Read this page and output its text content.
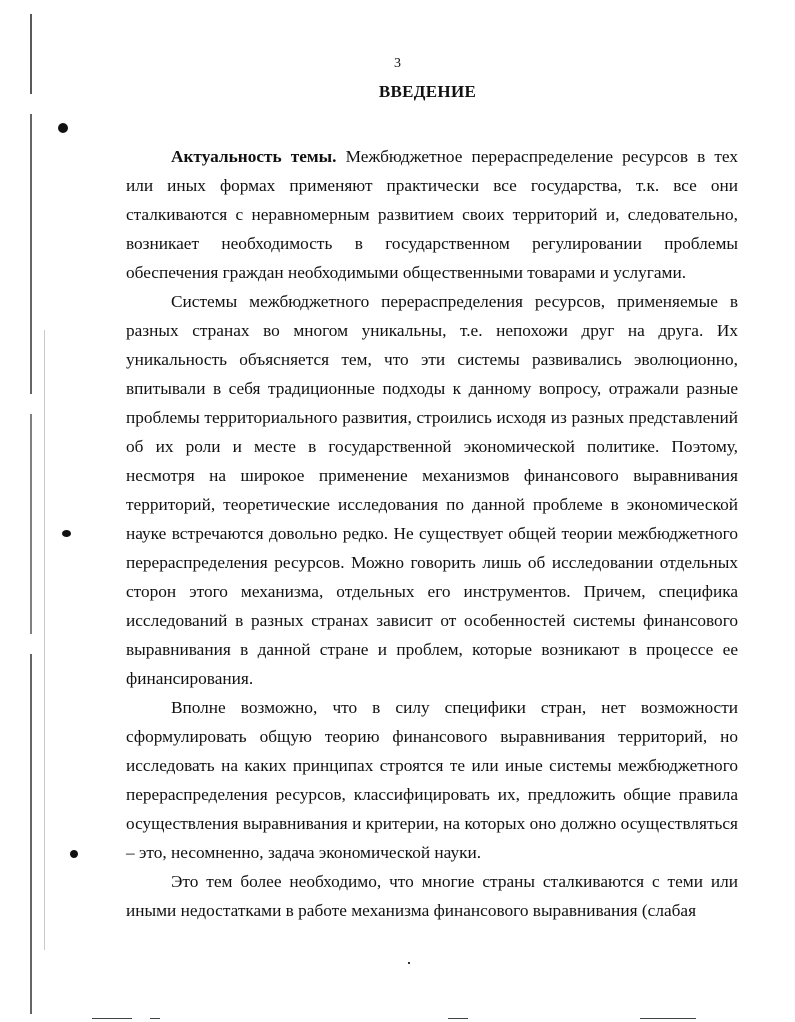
3
ВВЕДЕНИЕ

Актуальность темы. Межбюджетное перераспределение ресурсов в тех или иных формах применяют практически все государства, т.к. все они сталкиваются с неравномерным развитием своих территорий и, следовательно, возникает необходимость в государственном регулировании проблемы обеспечения граждан необходимыми общественными товарами и услугами.

Системы межбюджетного перераспределения ресурсов, применяемые в разных странах во многом уникальны, т.е. непохожи друг на друга. Их уникальность объясняется тем, что эти системы развивались эволюционно, впитывали в себя традиционные подходы к данному вопросу, отражали разные проблемы территориального развития, строились исходя из разных представлений об их роли и месте в государственной экономической политике. Поэтому, несмотря на широкое применение механизмов финансового выравнивания территорий, теоретические исследования по данной проблеме в экономической науке встречаются довольно редко. Не существует общей теории межбюджетного перераспределения ресурсов. Можно говорить лишь об исследовании отдельных сторон этого механизма, отдельных его инструментов. Причем, специфика исследований в разных странах зависит от особенностей системы финансового выравнивания в данной стране и проблем, которые возникают в процессе ее финансирования.

Вполне возможно, что в силу специфики стран, нет возможности сформулировать общую теорию финансового выравнивания территорий, но исследовать на каких принципах строятся те или иные системы межбюджетного перераспределения ресурсов, классифицировать их, предложить общие правила осуществления выравнивания и критерии, на которых оно должно осуществляться – это, несомненно, задача экономической науки.

Это тем более необходимо, что многие страны сталкиваются с теми или иными недостатками в работе механизма финансового выравнивания (слабая
